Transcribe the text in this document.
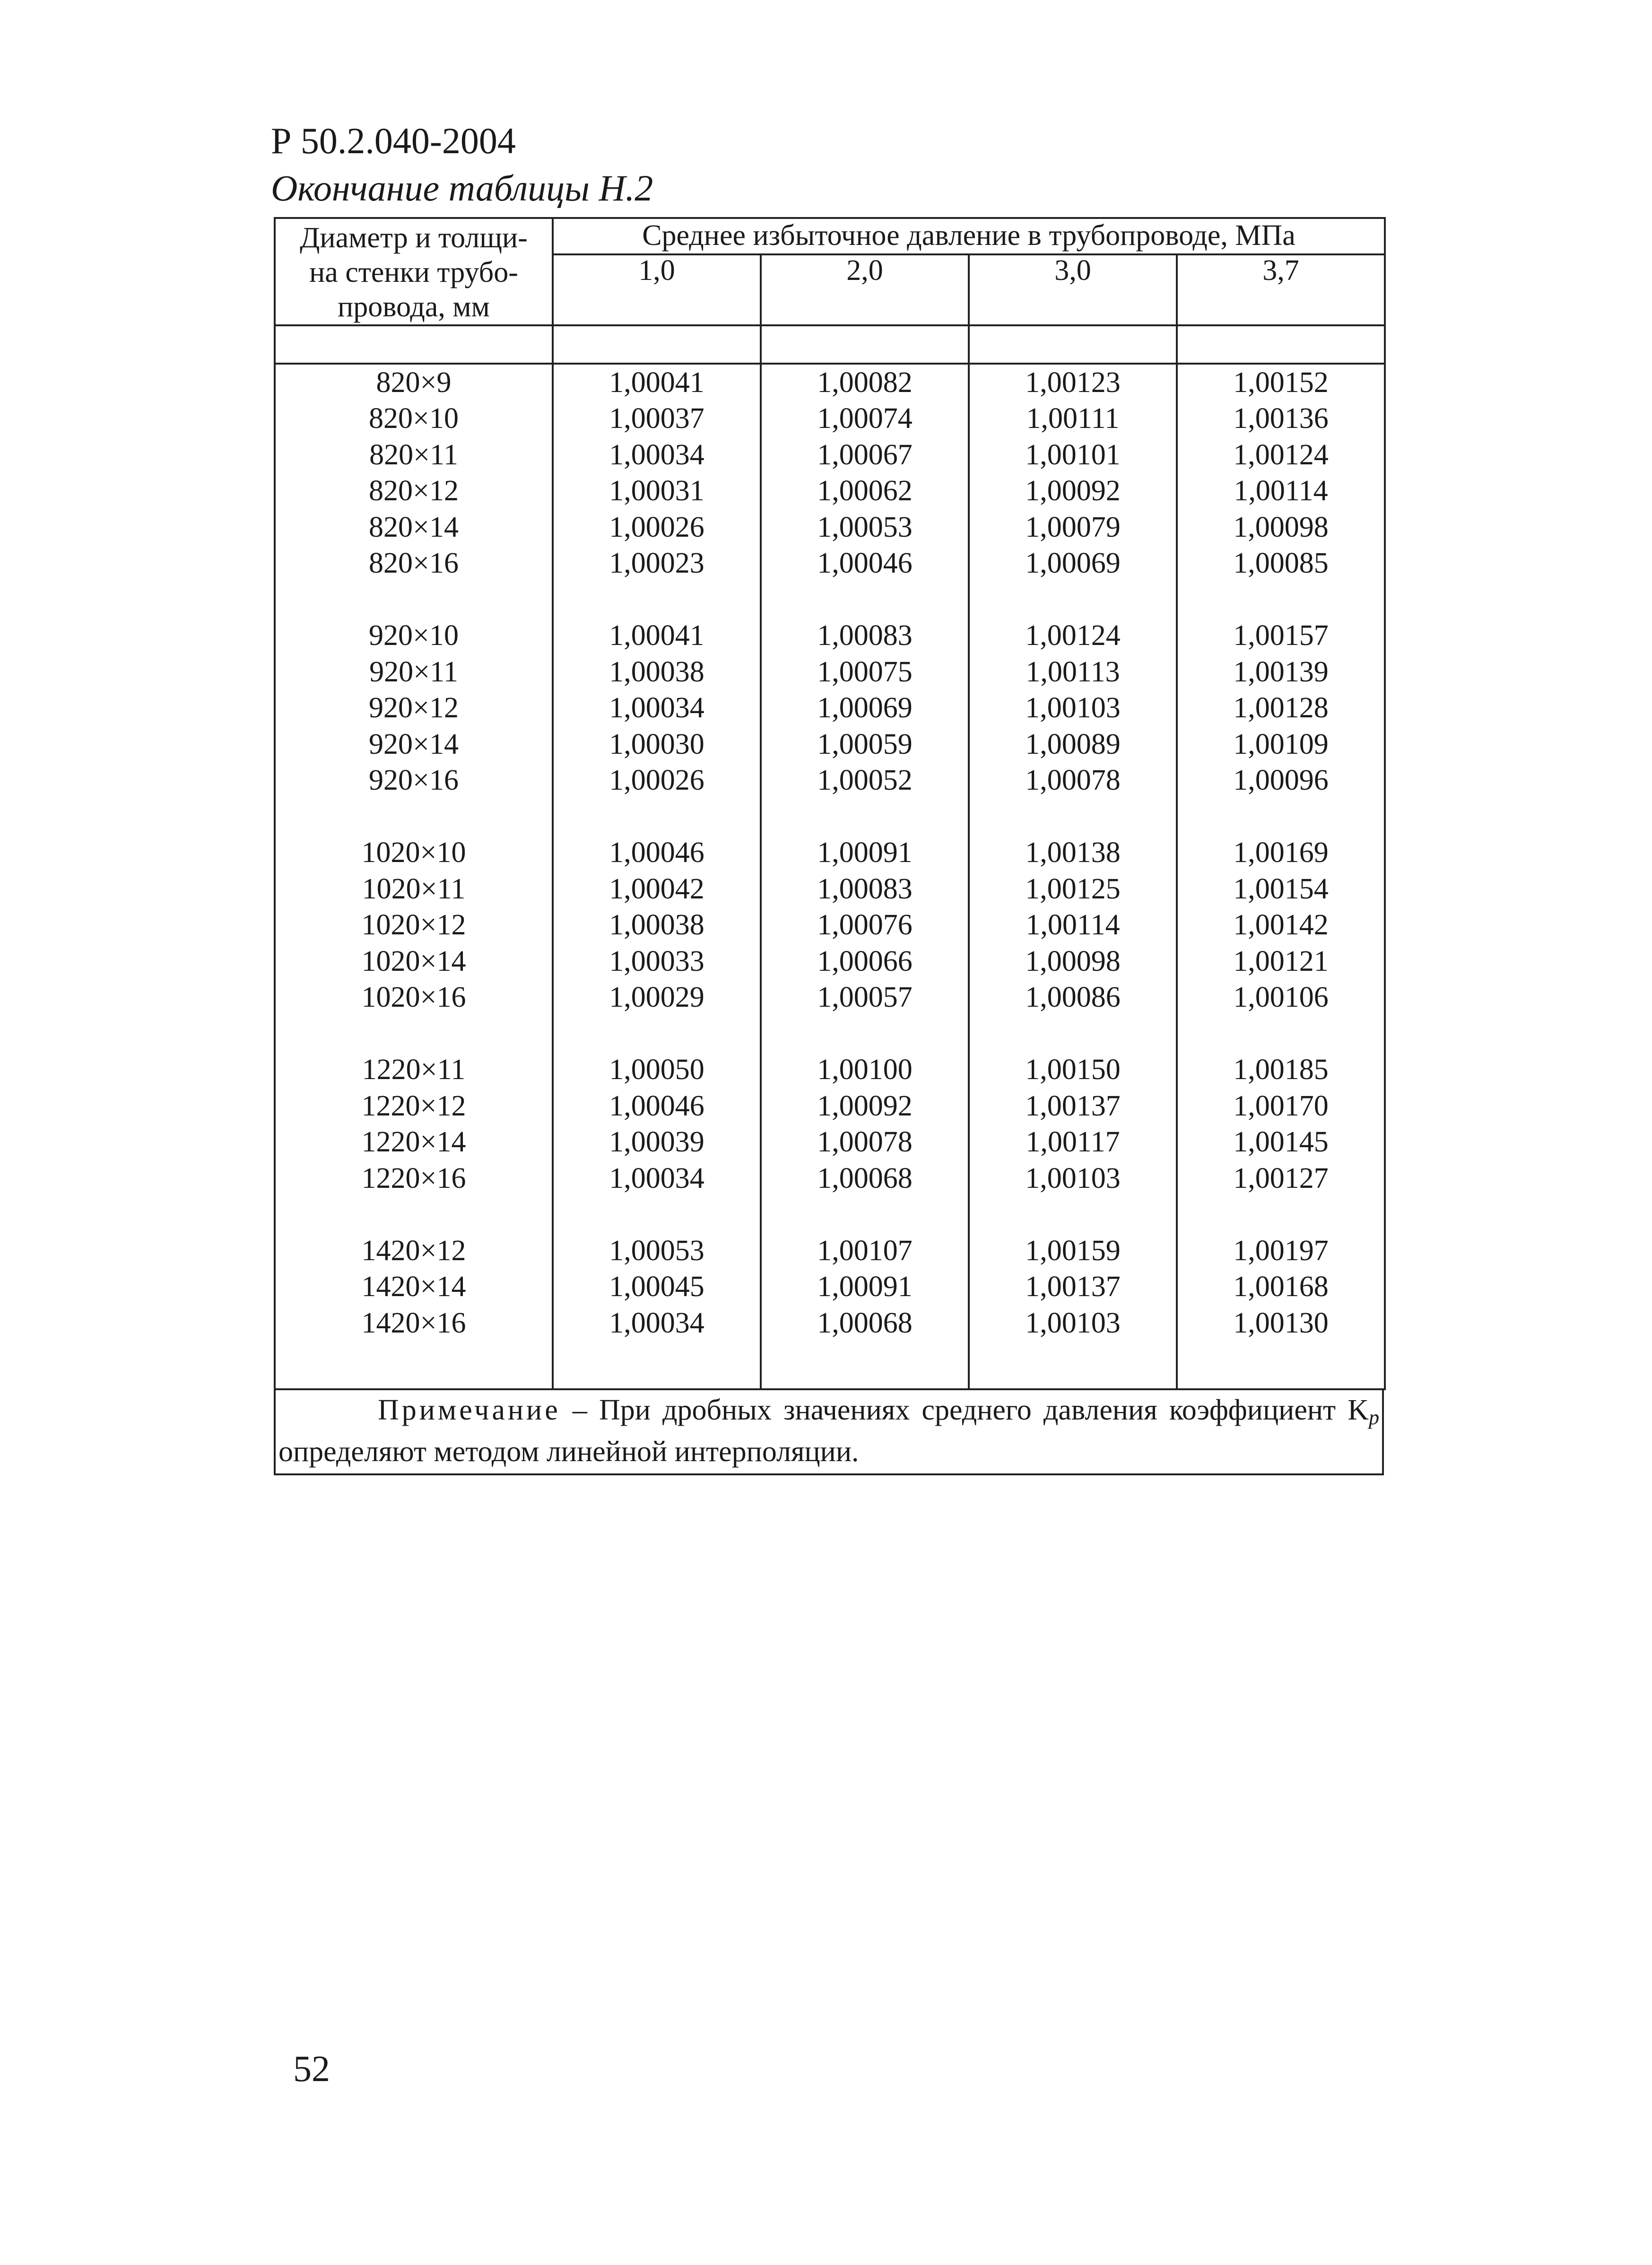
Р 50.2.040-2004
Окончание таблицы Н.2
Диаметр и толщи-
на стенки трубо-
провода, мм	Среднее избыточное давление в трубопроводе, МПа			
	1,0	2,0	3,0	3,7

820×9	1,00041	1,00082	1,00123	1,00152
820×10	1,00037	1,00074	1,00111	1,00136
820×11	1,00034	1,00067	1,00101	1,00124
820×12	1,00031	1,00062	1,00092	1,00114
820×14	1,00026	1,00053	1,00079	1,00098
820×16	1,00023	1,00046	1,00069	1,00085

920×10	1,00041	1,00083	1,00124	1,00157
920×11	1,00038	1,00075	1,00113	1,00139
920×12	1,00034	1,00069	1,00103	1,00128
920×14	1,00030	1,00059	1,00089	1,00109
920×16	1,00026	1,00052	1,00078	1,00096

1020×10	1,00046	1,00091	1,00138	1,00169
1020×11	1,00042	1,00083	1,00125	1,00154
1020×12	1,00038	1,00076	1,00114	1,00142
1020×14	1,00033	1,00066	1,00098	1,00121
1020×16	1,00029	1,00057	1,00086	1,00106

1220×11	1,00050	1,00100	1,00150	1,00185
1220×12	1,00046	1,00092	1,00137	1,00170
1220×14	1,00039	1,00078	1,00117	1,00145
1220×16	1,00034	1,00068	1,00103	1,00127

1420×12	1,00053	1,00107	1,00159	1,00197
1420×14	1,00045	1,00091	1,00137	1,00168
1420×16	1,00034	1,00068	1,00103	1,00130

Примечание – При дробных значениях среднего давления коэффициент Kp определяют методом линейной интерполяции.
52
